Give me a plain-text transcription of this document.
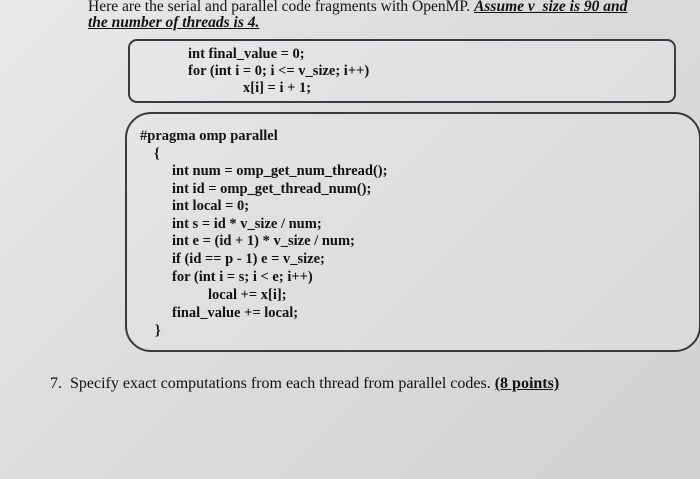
Here are the serial and parallel code fragments with OpenMP. Assume v_size is 90 and
the number of threads is 4.
int final_value = 0;
for (int i = 0; i <= v_size; i++)
x[i] = i + 1;
#pragma omp parallel
{
int num = omp_get_num_thread();
int id = omp_get_thread_num();
int local = 0;
int s = id * v_size / num;
int e = (id + 1) * v_size / num;
if (id == p - 1) e = v_size;
for (int i = s; i < e; i++)
local += x[i];
final_value += local;
}
7. Specify exact computations from each thread from parallel codes. (8 points)
